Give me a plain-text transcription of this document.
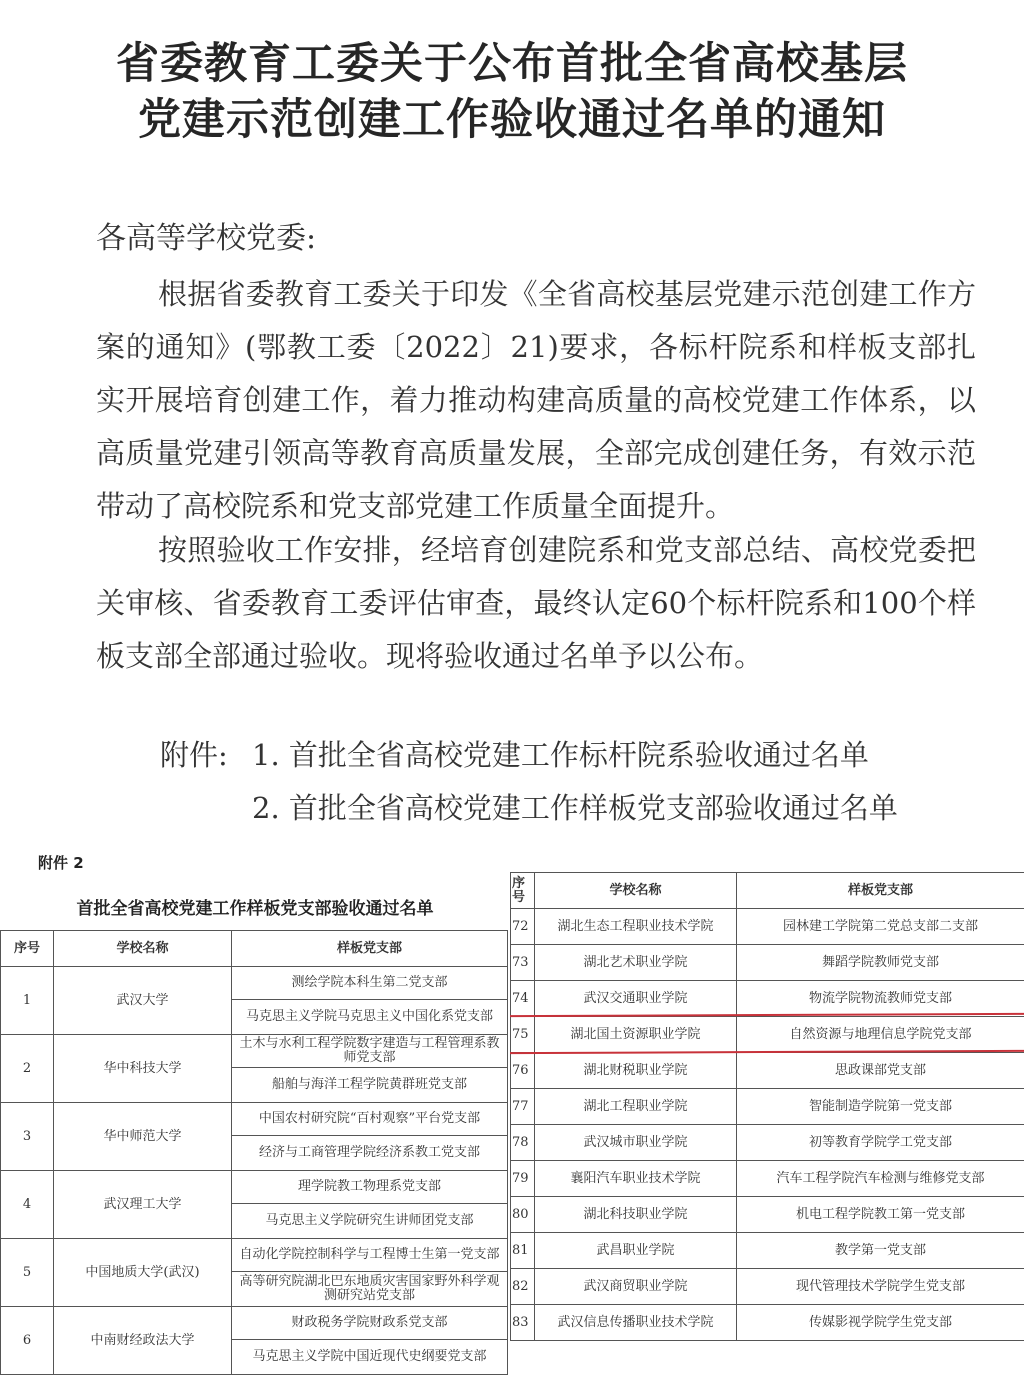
省委教育工委关于公布首批全省高校基层
党建示范创建工作验收通过名单的通知
各高等学校党委:
根据省委教育工委关于印发《全省高校基层党建示范创建工作方案的通知》(鄂教工委〔2022〕21)要求，各标杆院系和样板支部扎实开展培育创建工作，着力推动构建高质量的高校党建工作体系，以高质量党建引领高等教育高质量发展，全部完成创建任务，有效示范带动了高校院系和党支部党建工作质量全面提升。
按照验收工作安排，经培育创建院系和党支部总结、高校党委把关审核、省委教育工委评估审查，最终认定60个标杆院系和100个样板支部全部通过验收。现将验收通过名单予以公布。
附件: 1. 首批全省高校党建工作标杆院系验收通过名单
2. 首批全省高校党建工作样板党支部验收通过名单
附件 2
首批全省高校党建工作样板党支部验收通过名单
序号	学校名称	样板党支部
1	武汉大学	测绘学院本科生第二党支部
		马克思主义学院马克思主义中国化系党支部
2	华中科技大学	土木与水利工程学院数字建造与工程管理系教师党支部
		船舶与海洋工程学院黄群班党支部
3	华中师范大学	中国农村研究院“百村观察”平台党支部
		经济与工商管理学院经济系教工党支部
4	武汉理工大学	理学院教工物理系党支部
		马克思主义学院研究生讲师团党支部
5	中国地质大学(武汉)	自动化学院控制科学与工程博士生第一党支部
		高等研究院湖北巴东地质灾害国家野外科学观测研究站党支部
6	中南财经政法大学	财政税务学院财政系党支部
		马克思主义学院中国近现代史纲要党支部
序号	学校名称	样板党支部
72	湖北生态工程职业技术学院	园林建工学院第二党总支部二支部
73	湖北艺术职业学院	舞蹈学院教师党支部
74	武汉交通职业学院	物流学院物流教师党支部
75	湖北国土资源职业学院	自然资源与地理信息学院党支部
76	湖北财税职业学院	思政课部党支部
77	湖北工程职业学院	智能制造学院第一党支部
78	武汉城市职业学院	初等教育学院学工党支部
79	襄阳汽车职业技术学院	汽车工程学院汽车检测与维修党支部
80	湖北科技职业学院	机电工程学院教工第一党支部
81	武昌职业学院	教学第一党支部
82	武汉商贸职业学院	现代管理技术学院学生党支部
83	武汉信息传播职业技术学院	传媒影视学院学生党支部
